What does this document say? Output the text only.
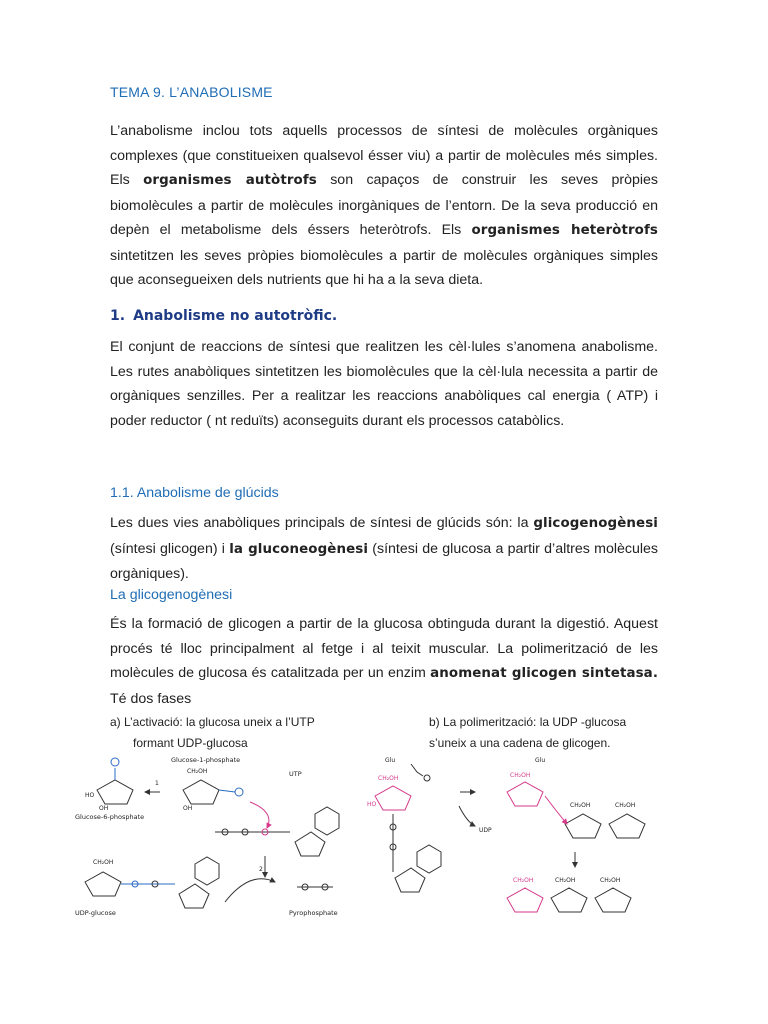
TEMA 9. L’ANABOLISME

L’anabolisme inclou tots aquells processos de síntesi de molècules orgàniques complexes (que constitueixen qualsevol ésser viu) a partir de molècules més simples. Els organismes autòtrofs son capaços de construir les seves pròpies biomolècules a partir de molècules inorgàniques de l’entorn. De la seva producció en depèn el metabolisme dels éssers heteròtrofs. Els organismes heteròtrofs sintetitzen les seves pròpies biomolècules a partir de molècules orgàniques simples que aconsegueixen dels nutrients que hi ha a la seva dieta.

1. Anabolisme no autotròfic.

El conjunt de reaccions de síntesi que realitzen les cèl·lules s’anomena anabolisme. Les rutes anabòliques sintetitzen les biomolècules que la cèl·lula necessita a partir de orgàniques senzilles. Per a realitzar les reaccions anabòliques cal energia ( ATP) i poder reductor ( nt reduïts) aconseguits durant els processos catabòlics.

1.1. Anabolisme de glúcids

Les dues vies anabòliques principals de síntesi de glúcids són: la glicogenogènesi (síntesi glicogen) i la gluconeogènesi (síntesi de glucosa a partir d’altres molècules orgàniques).

La glicogenogènesi

És la formació de glicogen a partir de la glucosa obtinguda durant la digestió. Aquest procés té lloc principalment al fetge i al teixit muscular. La polimerització de les molècules de glucosa és catalitzada per un enzim anomenat glicogen sintetasa. Té dos fases

a) L’activació: la glucosa uneix a l’UTP
formant UDP-glucosa
b) La polimerització: la UDP -glucosa
s’uneix a una cadena de glicogen.
Glucose-6-phosphate
OH
HO
1
Glucose-1-phosphate
CH₂OH
OH
UTP
2
CH₂OH
UDP-glucose	Pyrophosphate
Glu
CH₂OH
HO
UDP
Glu
CH₂OH
CH₂OH	CH₂OH
CH₂OH	CH₂OH	CH₂OH
